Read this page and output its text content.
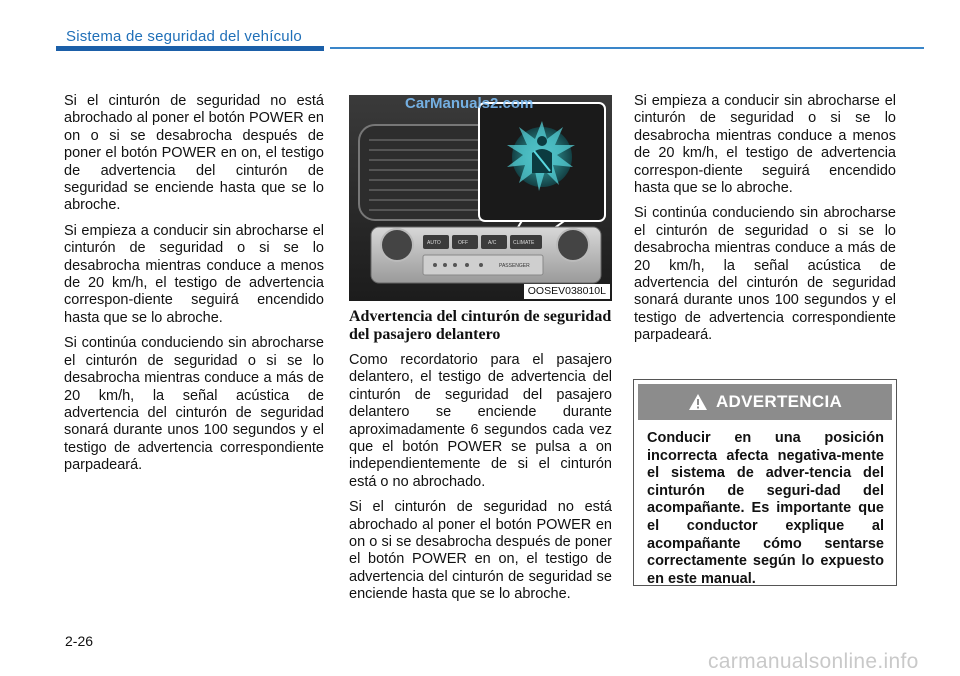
Sistema de seguridad del vehículo

Si el cinturón de seguridad no está abrochado al poner el botón POWER en on o si se desabrocha después de poner el botón POWER en on, el testigo de advertencia del cinturón de seguridad se enciende hasta que se lo abroche.

Si empieza a conducir sin abrocharse el cinturón de seguridad o si se lo desabrocha mientras conduce a menos de 20 km/h, el testigo de advertencia correspon-diente seguirá encendido hasta que se lo abroche.

Si continúa conduciendo sin abrocharse el cinturón de seguridad o si se lo desabrocha mientras conduce a más de 20 km/h, la señal acústica de advertencia del cinturón de seguridad sonará durante unos 100 segundos y el testigo de advertencia correspondiente parpadeará.

AUTO	OFF	A/C	CLIMATE
PASSENGER
CarManuals2.com
OOSEV038010L
Advertencia del cinturón de seguridad del pasajero delantero

Como recordatorio para el pasajero delantero, el testigo de advertencia del cinturón de seguridad del pasajero delantero se enciende durante aproximadamente 6 segundos cada vez que el botón POWER se pulsa a on independientemente de si el cinturón está o no abrochado.

Si el cinturón de seguridad no está abrochado al poner el botón POWER en on o si se desabrocha después de poner el botón POWER en on, el testigo de advertencia del cinturón de seguridad se enciende hasta que se lo abroche.

Si empieza a conducir sin abrocharse el cinturón de seguridad o si se lo desabrocha mientras conduce a menos de 20 km/h, el testigo de advertencia correspon-diente seguirá encendido hasta que se lo abroche.

Si continúa conduciendo sin abrocharse el cinturón de seguridad o si se lo desabrocha mientras conduce a más de 20 km/h, la señal acústica de advertencia del cinturón de seguridad sonará durante unos 100 segundos y el testigo de advertencia correspondiente parpadeará.

ADVERTENCIA
Conducir en una posición incorrecta afecta negativa-mente el sistema de adver-tencia del cinturón de seguri-dad del acompañante. Es importante que el conductor explique al acompañante cómo sentarse correctamente según lo expuesto en este manual.
2-26
carmanualsonline.info
